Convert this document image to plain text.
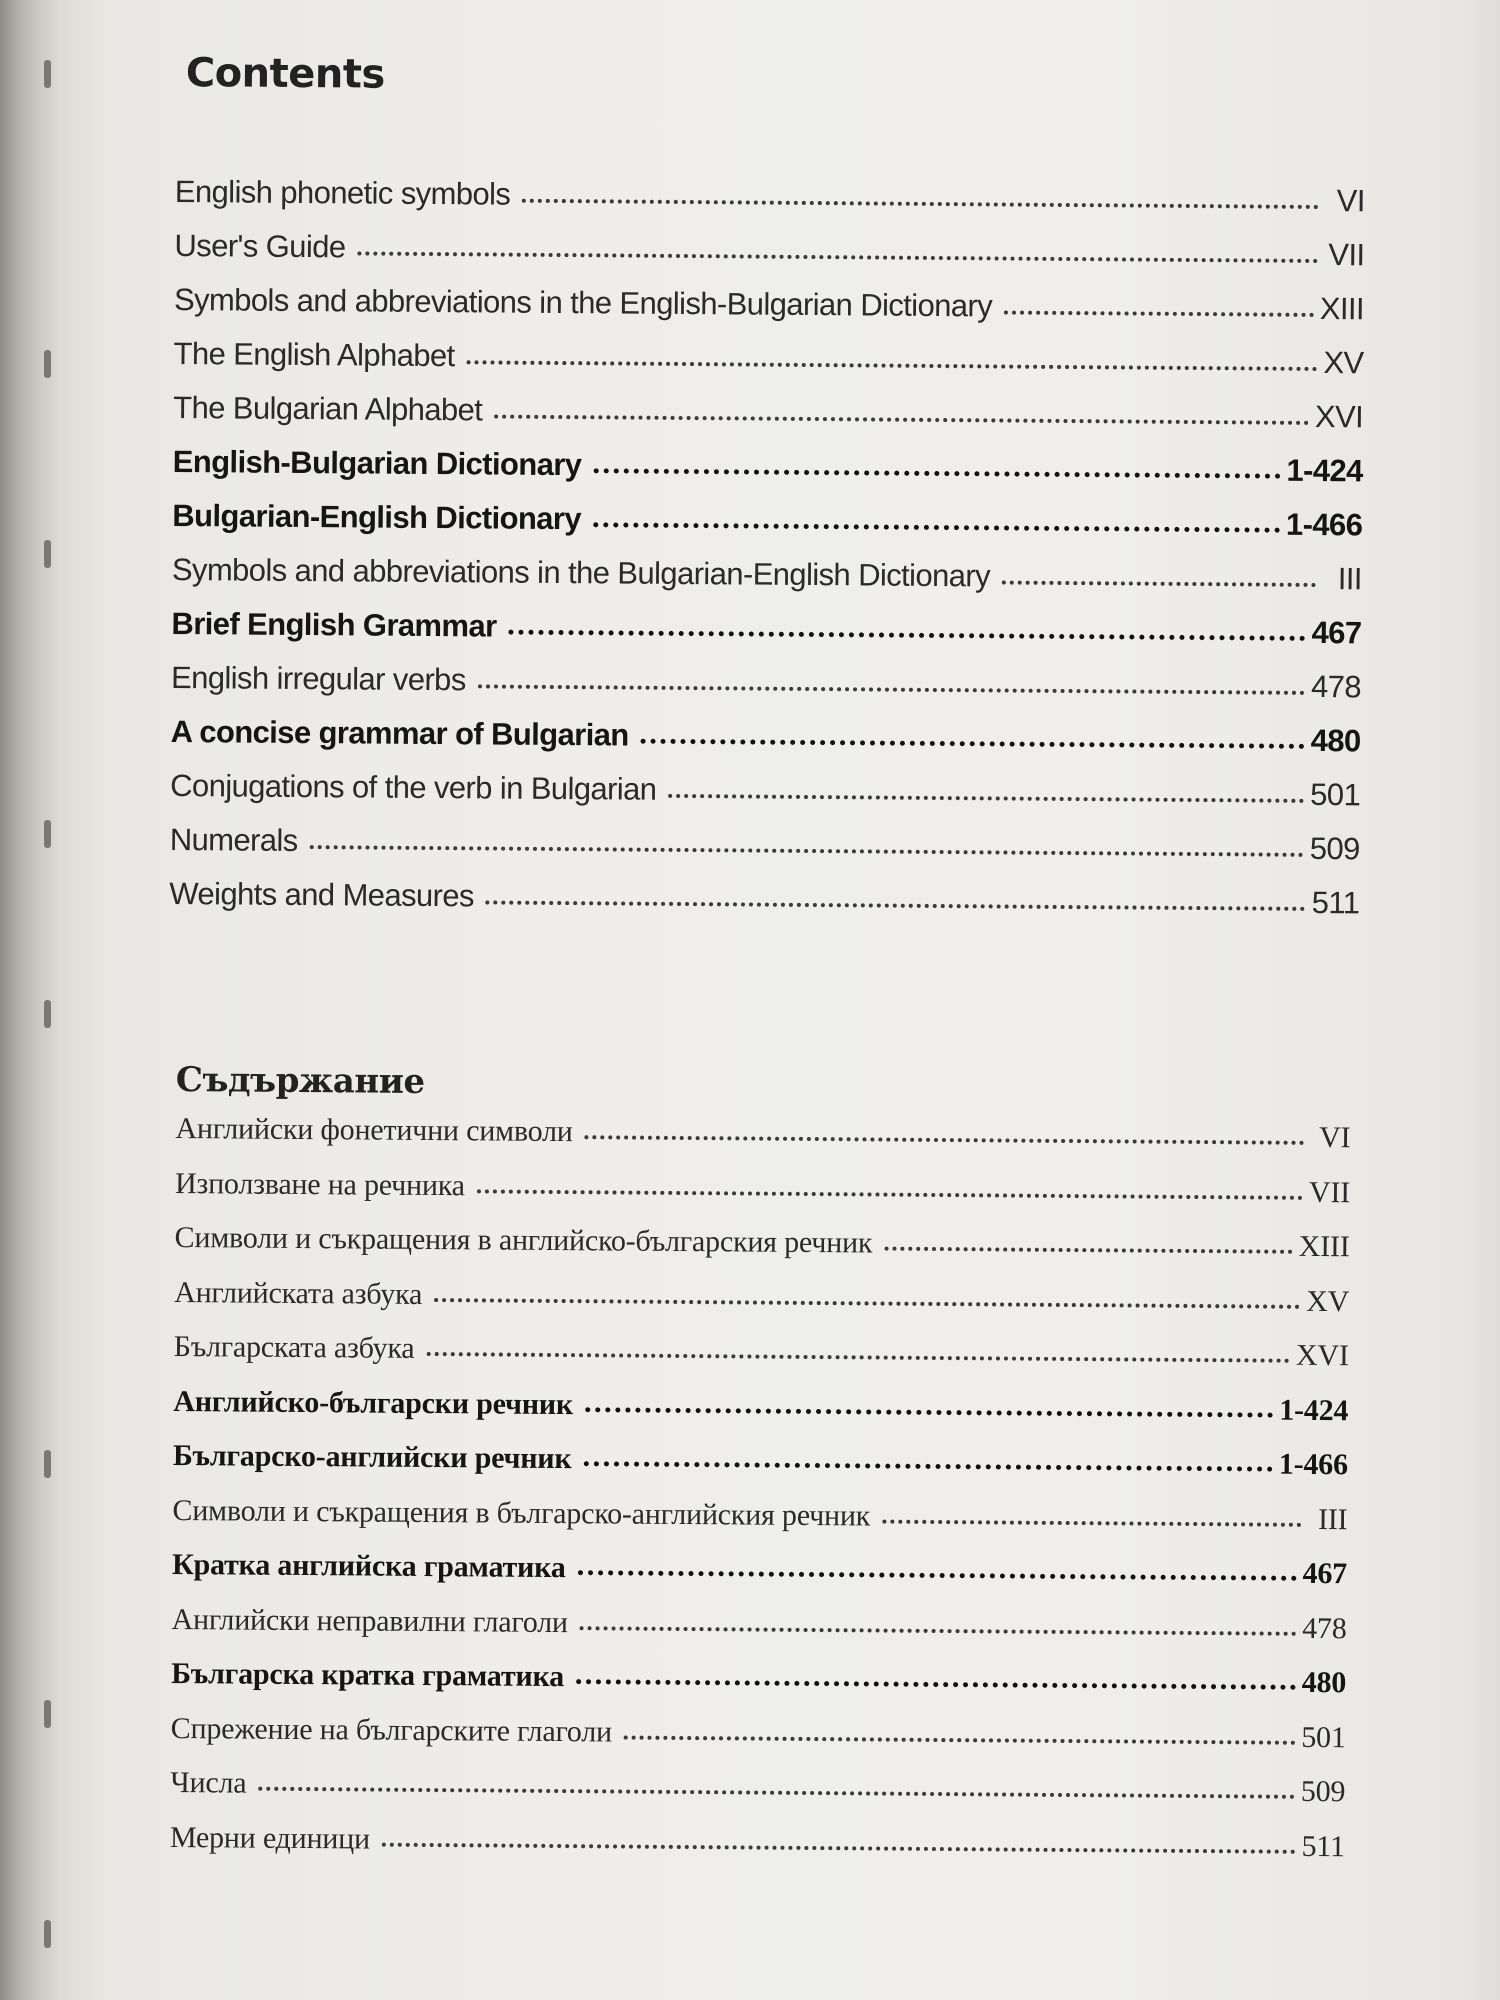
Contents
English phonetic symbols	VI
User's Guide	VII
Symbols and abbreviations in the English-Bulgarian Dictionary	XIII
The English Alphabet	XV
The Bulgarian Alphabet	XVI
English-Bulgarian Dictionary	1-424
Bulgarian-English Dictionary	1-466
Symbols and abbreviations in the Bulgarian-English Dictionary	III
Brief English Grammar	467
English irregular verbs	478
A concise grammar of Bulgarian	480
Conjugations of the verb in Bulgarian	501
Numerals	509
Weights and Measures	511
Съдържание
Английски фонетични символи	VI
Използване на речника	VII
Символи и съкращения в английско-българския речник	XIII
Английската азбука	XV
Българската азбука	XVI
Английско-български речник	1-424
Българско-английски речник	1-466
Символи и съкращения в българско-английския речник	III
Кратка английска граматика	467
Английски неправилни глаголи	478
Българска кратка граматика	480
Спрежение на българските глаголи	501
Числа	509
Мерни единици	511
